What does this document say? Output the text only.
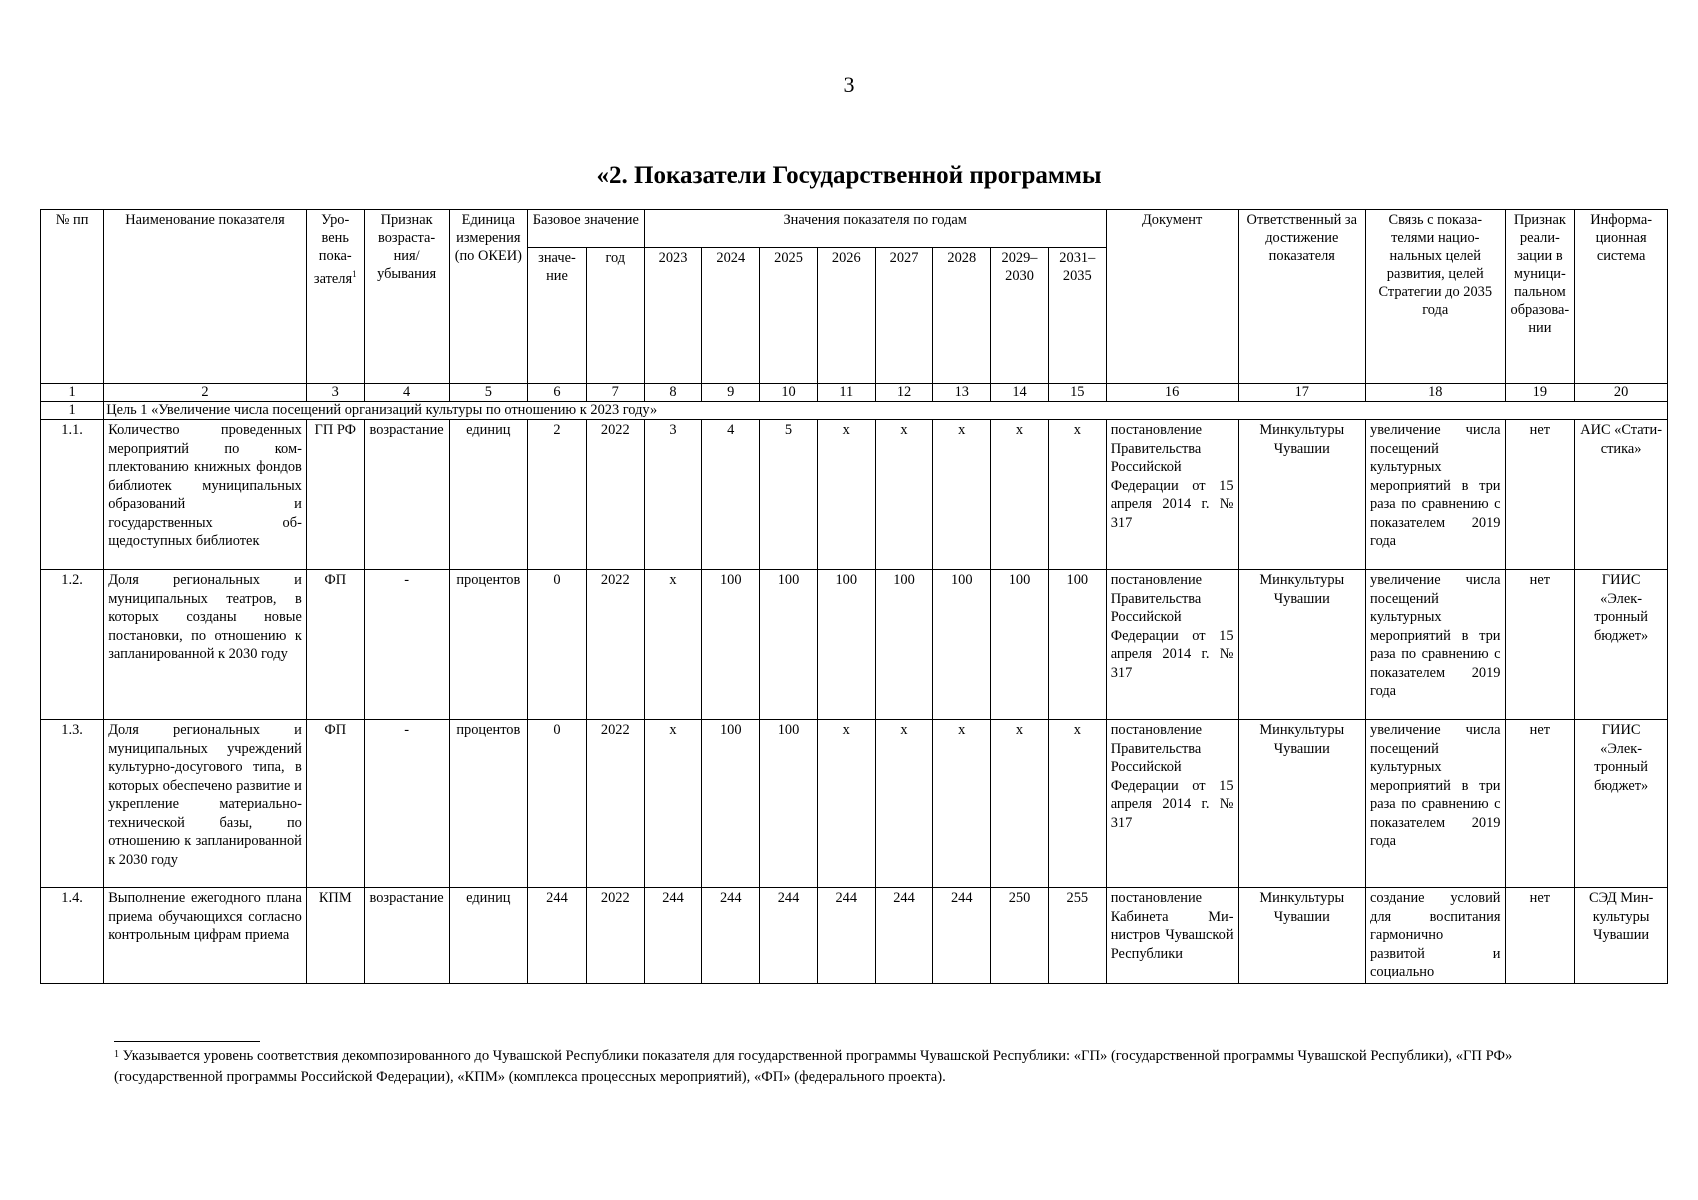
3
«2. Показатели Государственной программы
№ пп	Наименование показателя	Уровень показателя$^1$	Признак возрастания/ убывания	Единица измерения (по ОКЕИ)	Базовое значение		Значения показателя по годам								Документ	Ответственный за достижение показателя	Связь с показателями национальных целей развития, целей Стратегии до 2035 года	Признак реализации в муниципальном образовании	Информационная система
					значение	год	2023	2024	2025	2026	2027	2028	2029– 2030	2031– 2035					
1	2	3	4	5	6	7	8	9	10	11	12	13	14	15	16	17	18	19	20
1	Цель 1 «Увеличение числа посещений организаций культуры по отношению к 2023 году»																		
1.1.	Количество проведенных мероприятий по комплектованию книжных фондов библиотек муниципальных образований и государственных общедоступных библиотек	ГП РФ	возрастание	единиц	2	2022	3	4	5	х	х	х	х	х	постановление Правительства Российской Федерации от 15 апреля 2014 г. № 317	Минкультуры Чувашии	увеличение числа посещений культурных мероприятий в три раза по сравнению с показателем 2019 года	нет	АИС «Статистика»
1.2.	Доля региональных и муниципальных театров, в которых созданы новые постановки, по отношению к запланированной к 2030 году	ФП	-	процентов	0	2022	х	100	100	100	100	100	100	100	постановление Правительства Российской Федерации от 15 апреля 2014 г. № 317	Минкультуры Чувашии	увеличение числа посещений культурных мероприятий в три раза по сравнению с показателем 2019 года	нет	ГИИС «Электронный бюджет»
1.3.	Доля региональных и муниципальных учреждений культурно-досугового типа, в которых обеспечено развитие и укрепление материально-технической базы, по отношению к запланированной к 2030 году	ФП	-	процентов	0	2022	х	100	100	х	х	х	х	х	постановление Правительства Российской Федерации от 15 апреля 2014 г. № 317	Минкультуры Чувашии	увеличение числа посещений культурных мероприятий в три раза по сравнению с показателем 2019 года	нет	ГИИС «Электронный бюджет»
1.4.	Выполнение ежегодного плана приема обучающихся согласно контрольным цифрам приема	КПМ	возрастание	единиц	244	2022	244	244	244	244	244	244	250	255	постановление Кабинета Министров Чувашской Республики	Минкультуры Чувашии	создание условий для воспитания гармонично развитой и социально	нет	СЭД Минкультуры Чувашии
$^1$ Указывается уровень соответствия декомпозированного до Чувашской Республики показателя для государственной программы Чувашской Республики: «ГП» (государственной программы Чувашской Республики), «ГП РФ» (государственной программы Российской Федерации), «КПМ» (комплекса процессных мероприятий), «ФП» (федерального проекта).
